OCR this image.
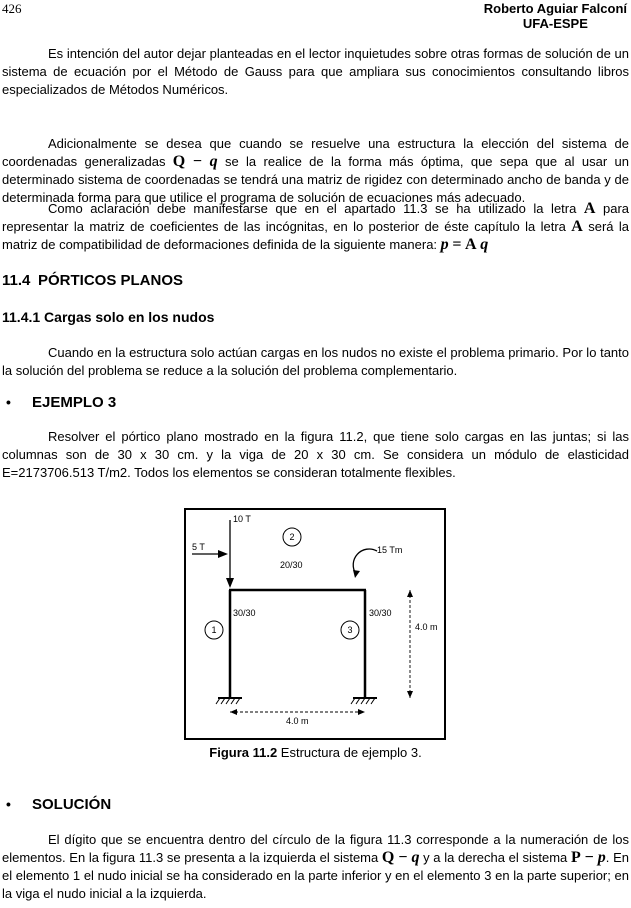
426	Roberto Aguiar Falconí
UFA-ESPE

Es intención del autor dejar planteadas en el lector inquietudes sobre otras formas de solución de un sistema de ecuación por el Método de Gauss para que ampliara sus conocimientos consultando libros especializados de Métodos Numéricos.

Adicionalmente se desea que cuando se resuelve una estructura la elección del sistema de coordenadas generalizadas Q − q se la realice de la forma más óptima, que sepa que al usar un determinado sistema de coordenadas se tendrá una matriz de rigidez con determinado ancho de banda y de determinada forma para que utilice el programa de solución de ecuaciones más adecuado.

Como aclaración debe manifestarse que en el apartado 11.3 se ha utilizado la letra A para representar la matriz de coeficientes de las incógnitas, en lo posterior de éste capítulo la letra A será la matriz de compatibilidad de deformaciones definida de la siguiente manera: p = A q

11.4 PÓRTICOS PLANOS

11.4.1 Cargas solo en los nudos

Cuando en la estructura solo actúan cargas en los nudos no existe el problema primario. Por lo tanto la solución del problema se reduce a la solución del problema complementario.

• EJEMPLO 3

Resolver el pórtico plano mostrado en la figura 11.2, que tiene solo cargas en las juntas; si las columnas son de 30 x 30 cm. y la viga de 20 x 30 cm. Se considera un módulo de elasticidad E=2173706.513 T/m2. Todos los elementos se consideran totalmente flexibles.

10 T
5 T	15 Tm
2
1	3
20/30
30/30	30/30
4.0 m
4.0 m
Figura 11.2 Estructura de ejemplo 3.

• SOLUCIÓN

El dígito que se encuentra dentro del círculo de la figura 11.3 corresponde a la numeración de los elementos. En la figura 11.3 se presenta a la izquierda el sistema Q − q y a la derecha el sistema P − p. En el elemento 1 el nudo inicial se ha considerado en la parte inferior y en el elemento 3 en la parte superior; en la viga el nudo inicial a la izquierda.
